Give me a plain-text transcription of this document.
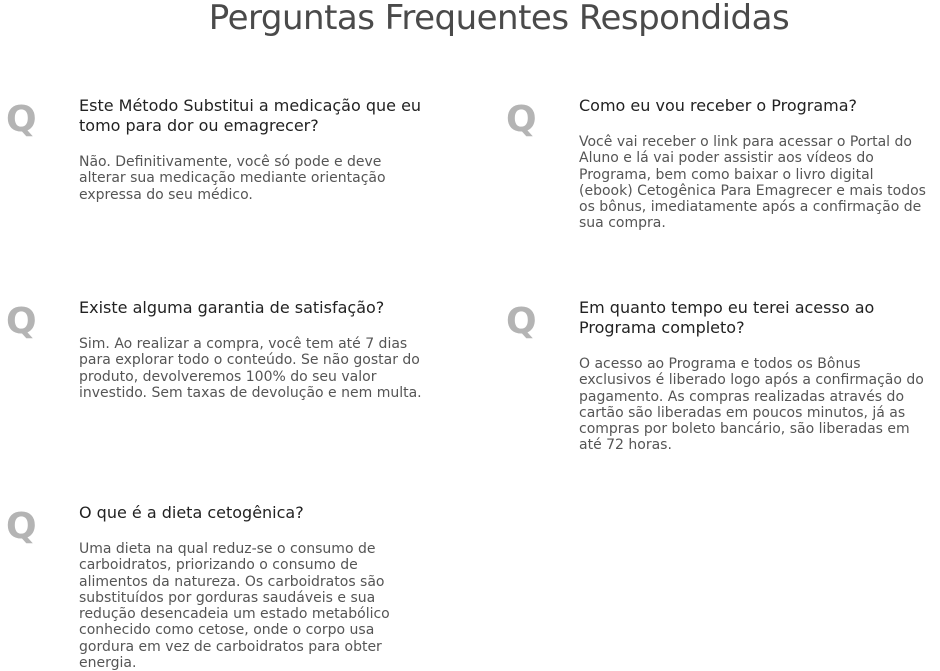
Perguntas Frequentes Respondidas
Q	Este Método Substitui a medicação que eu tomo para dor ou emagrecer?

Não. Definitivamente, você só pode e deve alterar sua medicação mediante orientação expressa do seu médico.

Q	Como eu vou receber o Programa?

Você vai receber o link para acessar o Portal do Aluno e lá vai poder assistir aos vídeos do Programa, bem como baixar o livro digital (ebook) Cetogênica Para Emagrecer e mais todos os bônus, imediatamente após a confirmação de sua compra.

Q	Existe alguma garantia de satisfação?

Sim. Ao realizar a compra, você tem até 7 dias para explorar todo o conteúdo. Se não gostar do produto, devolveremos 100% do seu valor investido. Sem taxas de devolução e nem multa.

Q	Em quanto tempo eu terei acesso ao Programa completo?

O acesso ao Programa e todos os Bônus exclusivos é liberado logo após a confirmação do pagamento. As compras realizadas através do cartão são liberadas em poucos minutos, já as compras por boleto bancário, são liberadas em até 72 horas.

Q	O que é a dieta cetogênica?

Uma dieta na qual reduz-se o consumo de carboidratos, priorizando o consumo de alimentos da natureza. Os carboidratos são substituídos por gorduras saudáveis e sua redução desencadeia um estado metabólico conhecido como cetose, onde o corpo usa gordura em vez de carboidratos para obter energia.
